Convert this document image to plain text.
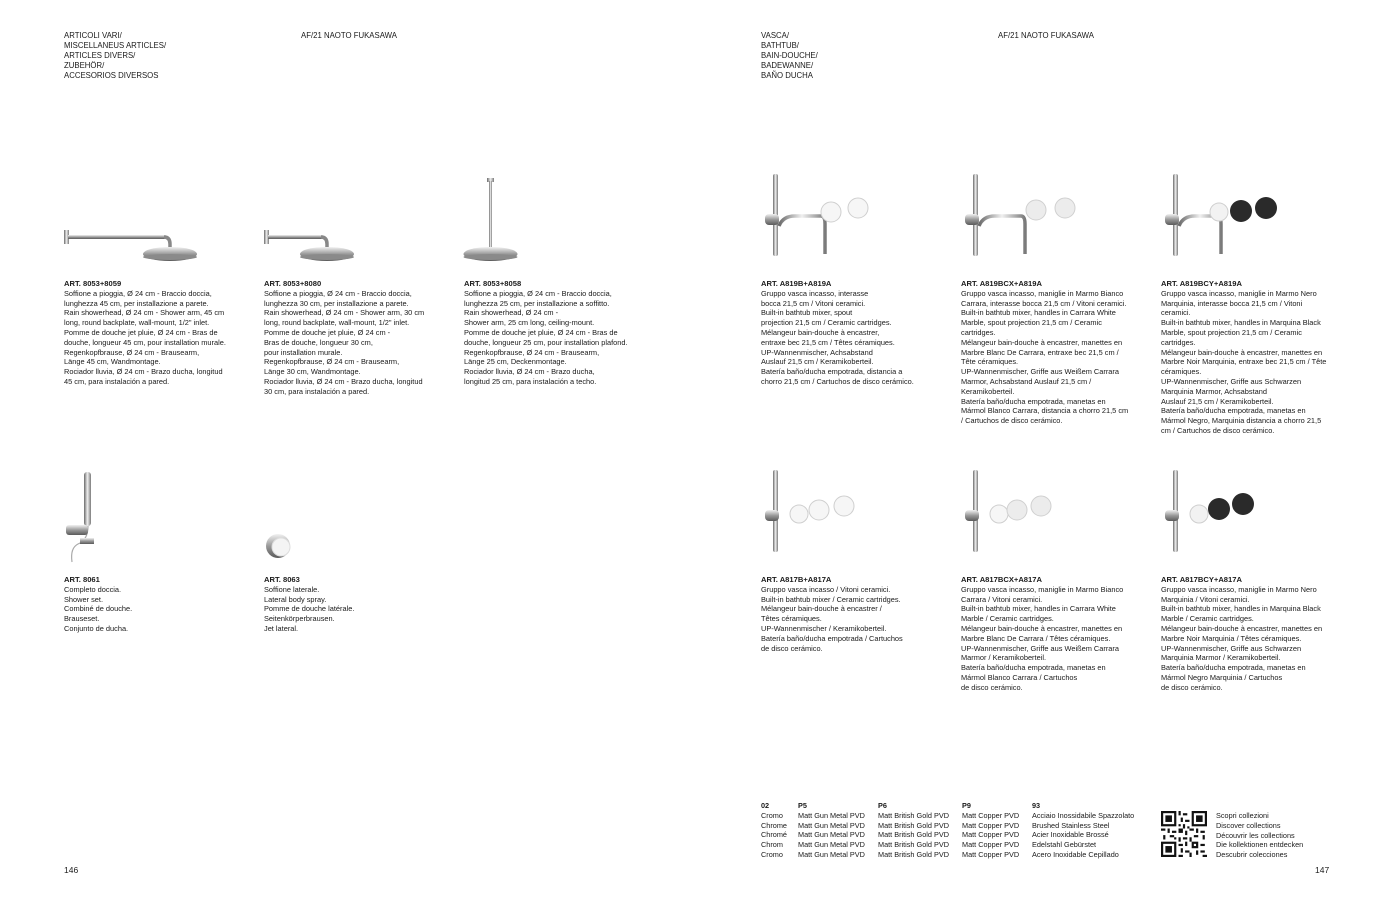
ARTICOLI VARI/
MISCELLANEUS ARTICLES/
ARTICLES DIVERS/
ZUBEHÖR/
ACCESORIOS DIVERSOS
AF/21 NAOTO FUKASAWA	VASCA/
BATHTUB/
BAIN-DOUCHE/
BADEWANNE/
BAÑO DUCHA
AF/21 NAOTO FUKASAWA
ART. 8053+8059
Soffione a pioggia, Ø 24 cm - Braccio doccia,
lunghezza 45 cm, per installazione a parete.
Rain showerhead, Ø 24 cm - Shower arm, 45 cm
long, round backplate, wall-mount, 1/2" inlet.
Pomme de douche jet pluie, Ø 24 cm - Bras de
douche, longueur 45 cm, pour installation murale.
Regenkopfbrause, Ø 24 cm - Brausearm,
Länge 45 cm, Wandmontage.
Rociador lluvia, Ø 24 cm - Brazo ducha, longitud
45 cm, para instalación a pared.
ART. 8053+8080
Soffione a pioggia, Ø 24 cm - Braccio doccia,
lunghezza 30 cm, per installazione a parete.
Rain showerhead, Ø 24 cm - Shower arm, 30 cm
long, round backplate, wall-mount, 1/2" inlet.
Pomme de douche jet pluie, Ø 24 cm -
Bras de douche, longueur 30 cm,
pour installation murale.
Regenkopfbrause, Ø 24 cm - Brausearm,
Länge 30 cm, Wandmontage.
Rociador lluvia, Ø 24 cm - Brazo ducha, longitud
30 cm, para instalación a pared.
ART. 8053+8058
Soffione a pioggia, Ø 24 cm - Braccio doccia,
lunghezza 25 cm, per installazione a soffitto.
Rain showerhead, Ø 24 cm -
Shower arm, 25 cm long, ceiling-mount.
Pomme de douche jet pluie, Ø 24 cm - Bras de
douche, longueur 25 cm, pour installation plafond.
Regenkopfbrause, Ø 24 cm - Brausearm,
Länge 25 cm, Deckenmontage.
Rociador lluvia, Ø 24 cm - Brazo ducha,
longitud 25 cm, para instalación a techo.
ART. 8061
Completo doccia.
Shower set.
Combiné de douche.
Brauseset.
Conjunto de ducha.
ART. 8063
Soffione laterale.
Lateral body spray.
Pomme de douche latérale.
Seitenkörperbrausen.
Jet lateral.
ART. A819B+A819A
Gruppo vasca incasso, interasse
bocca 21,5 cm / Vitoni ceramici.
Built-in bathtub mixer, spout
projection 21,5 cm / Ceramic cartridges.
Mélangeur bain-douche à encastrer,
entraxe bec 21,5 cm / Têtes céramiques.
UP-Wannenmischer, Achsabstand
Auslauf 21,5 cm / Keramikoberteil.
Batería baño/ducha empotrada, distancia a
chorro 21,5 cm / Cartuchos de disco cerámico.
ART. A819BCX+A819A
Gruppo vasca incasso, maniglie in Marmo Bianco
Carrara, interasse bocca 21,5 cm / Vitoni ceramici.
Built-in bathtub mixer, handles in Carrara White
Marble, spout projection 21,5 cm / Ceramic
cartridges.
Mélangeur bain-douche à encastrer, manettes en
Marbre Blanc De Carrara, entraxe bec 21,5 cm /
Tête céramiques.
UP-Wannenmischer, Griffe aus Weißem Carrara
Marmor, Achsabstand Auslauf 21,5 cm /
Keramikoberteil.
Batería baño/ducha empotrada, manetas en
Mármol Blanco Carrara, distancia a chorro 21,5 cm
/ Cartuchos de disco cerámico.
ART. A819BCY+A819A
Gruppo vasca incasso, maniglie in Marmo Nero
Marquinia, interasse bocca 21,5 cm / Vitoni
ceramici.
Built-in bathtub mixer, handles in Marquina Black
Marble, spout projection 21,5 cm / Ceramic
cartridges.
Mélangeur bain-douche à encastrer, manettes en
Marbre Noir Marquinia, entraxe bec 21,5 cm / Tête
céramiques.
UP-Wannenmischer, Griffe aus Schwarzen
Marquinia Marmor, Achsabstand
Auslauf 21,5 cm / Keramikoberteil.
Batería baño/ducha empotrada, manetas en
Mármol Negro, Marquinia distancia a chorro 21,5
cm / Cartuchos de disco cerámico.
ART. A817B+A817A
Gruppo vasca incasso / Vitoni ceramici.
Built-in bathtub mixer / Ceramic cartridges.
Mélangeur bain-douche à encastrer /
Têtes céramiques.
UP-Wannenmischer / Keramikoberteil.
Batería baño/ducha empotrada / Cartuchos
de disco cerámico.
ART. A817BCX+A817A
Gruppo vasca incasso, maniglie in Marmo Bianco
Carrara / Vitoni ceramici.
Built-in bathtub mixer, handles in Carrara White
Marble / Ceramic cartridges.
Mélangeur bain-douche à encastrer, manettes en
Marbre Blanc De Carrara / Têtes céramiques.
UP-Wannenmischer, Griffe aus Weißem Carrara
Marmor / Keramikoberteil.
Batería baño/ducha empotrada, manetas en
Mármol Blanco Carrara / Cartuchos
de disco cerámico.
ART. A817BCY+A817A
Gruppo vasca incasso, maniglie in Marmo Nero
Marquinia / Vitoni ceramici.
Built-in bathtub mixer, handles in Marquina Black
Marble / Ceramic cartridges.
Mélangeur bain-douche à encastrer, manettes en
Marbre Noir Marquinia / Têtes céramiques.
UP-Wannenmischer, Griffe aus Schwarzen
Marquinia Marmor / Keramikoberteil.
Batería baño/ducha empotrada, manetas en
Mármol Negro Marquinia / Cartuchos
de disco cerámico.
02
Cromo
Chrome
Chromé
Chrom
Cromo
P5
Matt Gun Metal PVD
Matt Gun Metal PVD
Matt Gun Metal PVD
Matt Gun Metal PVD
Matt Gun Metal PVD
P6
Matt British Gold PVD
Matt British Gold PVD
Matt British Gold PVD
Matt British Gold PVD
Matt British Gold PVD
P9
Matt Copper PVD
Matt Copper PVD
Matt Copper PVD
Matt Copper PVD
Matt Copper PVD
93
Acciaio Inossidabile Spazzolato
Brushed Stainless Steel
Acier Inoxidable Brossé
Edelstahl Gebürstet
Acero Inoxidable Cepillado
Scopri collezioni
Discover collections
Découvrir les collections
Die kollektionen entdecken
Descubrir colecciones
146	147
